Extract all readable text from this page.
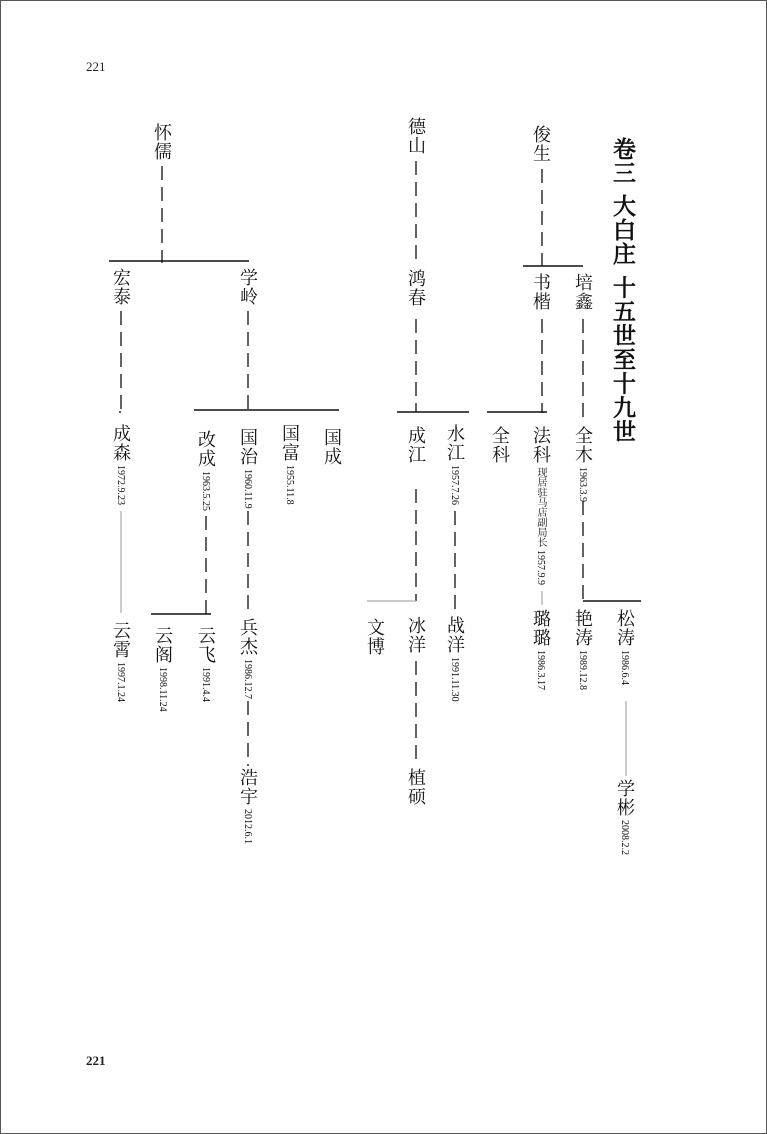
221
221
卷三 大白庄 十五世至十九世
俊生
培鑫
书楷
全木1963.3.9
法科现居驻马店副局长1957.9.9
全科
艳涛1989.12.8
松涛1986.6.4
学彬2008.2.2
璐璐1986.3.17
德山
鸿春
成江 水江1957.7.26
战洋1991.11.30
冰洋
文博
植硕
怀儒
宏泰	学岭
成森1972.9.23
云霄1997.1.24
改成1963.5.25
国治1960.11.9
国富1955.11.8
国成
云飞1991.4.4
云阁1998.11.24
兵杰1986.12.7
浩宇2012.6.1
